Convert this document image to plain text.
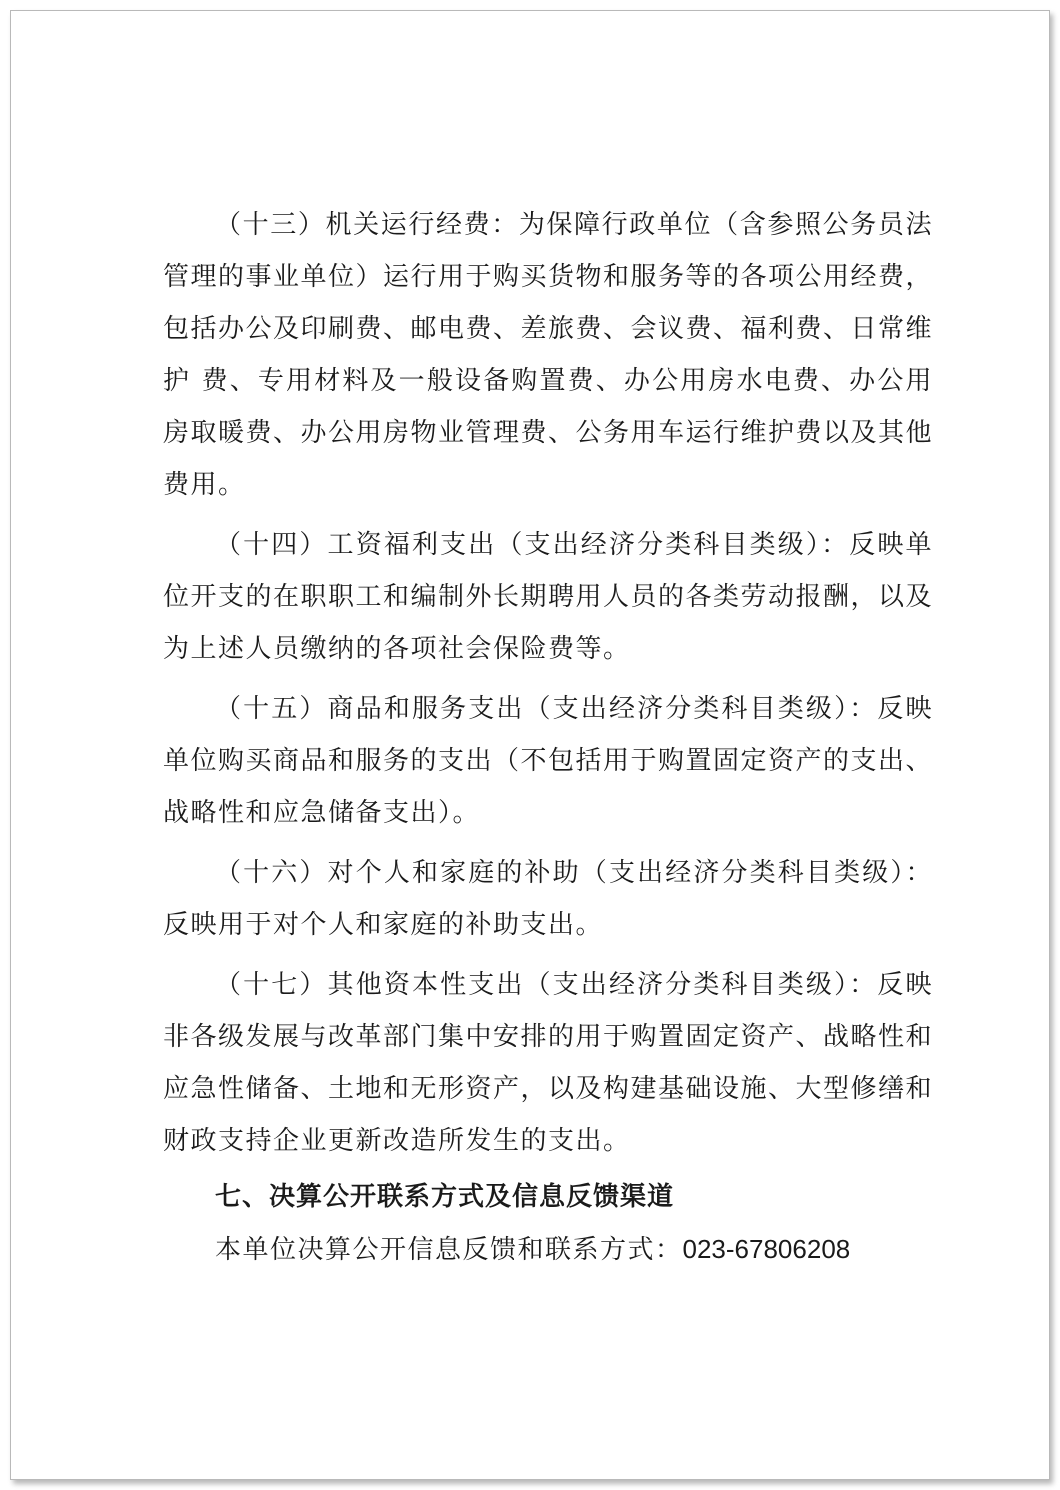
（十三）机关运行经费：为保障行政单位（含参照公务员法管理的事业单位）运行用于购买货物和服务等的各项公用经费，包括办公及印刷费、邮电费、差旅费、会议费、福利费、日常维护 费、专用材料及一般设备购置费、办公用房水电费、办公用房取暖费、办公用房物业管理费、公务用车运行维护费以及其他费用。

（十四）工资福利支出（支出经济分类科目类级）：反映单位开支的在职职工和编制外长期聘用人员的各类劳动报酬，以及为上述人员缴纳的各项社会保险费等。

（十五）商品和服务支出（支出经济分类科目类级）：反映单位购买商品和服务的支出（不包括用于购置固定资产的支出、战略性和应急储备支出）。

（十六）对个人和家庭的补助（支出经济分类科目类级）：反映用于对个人和家庭的补助支出。

（十七）其他资本性支出（支出经济分类科目类级）：反映非各级发展与改革部门集中安排的用于购置固定资产、战略性和应急性储备、土地和无形资产，以及构建基础设施、大型修缮和财政支持企业更新改造所发生的支出。

七、决算公开联系方式及信息反馈渠道

本单位决算公开信息反馈和联系方式：023-67806208
